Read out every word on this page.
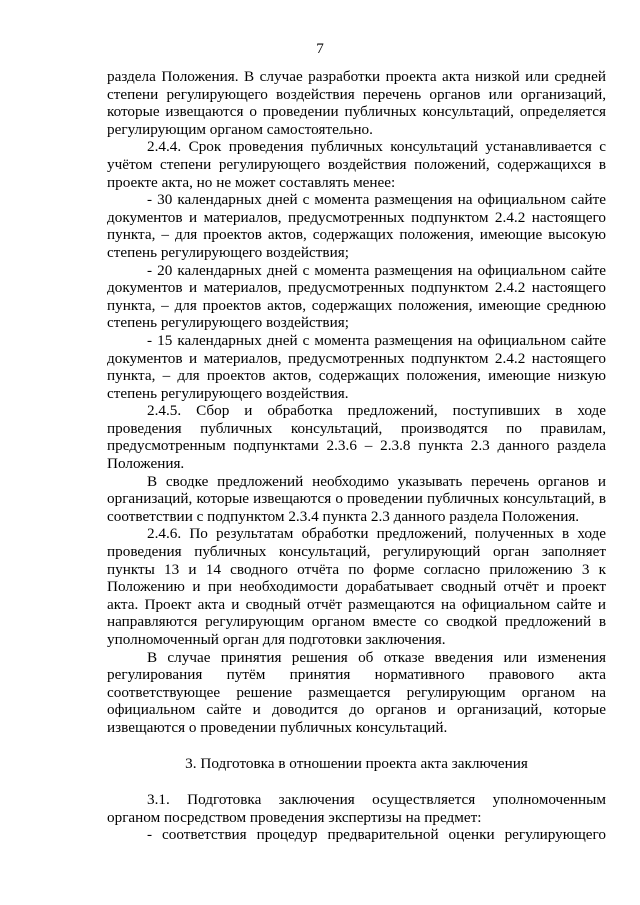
7

раздела Положения. В случае разработки проекта акта низкой или средней степени регулирующего воздействия перечень органов или организаций, которые извещаются о проведении публичных консультаций, определяется регулирующим органом самостоятельно.

2.4.4. Срок проведения публичных консультаций устанавливается с учётом степени регулирующего воздействия положений, содержащихся в проекте акта, но не может составлять менее:

- 30 календарных дней с момента размещения на официальном сайте документов и материалов, предусмотренных подпунктом 2.4.2 настоящего пункта, – для проектов актов, содержащих положения, имеющие высокую степень регулирующего воздействия;

- 20 календарных дней с момента размещения на официальном сайте документов и материалов, предусмотренных подпунктом 2.4.2 настоящего пункта, – для проектов актов, содержащих положения, имеющие среднюю степень регулирующего воздействия;

- 15 календарных дней с момента размещения на официальном сайте документов и материалов, предусмотренных подпунктом 2.4.2 настоящего пункта, – для проектов актов, содержащих положения, имеющие низкую степень регулирующего воздействия.

2.4.5. Сбор и обработка предложений, поступивших в ходе проведения публичных консультаций, производятся по правилам, предусмотренным подпунктами 2.3.6 – 2.3.8 пункта 2.3 данного раздела Положения.

В сводке предложений необходимо указывать перечень органов и организаций, которые извещаются о проведении публичных консультаций, в соответствии с подпунктом 2.3.4 пункта 2.3 данного раздела Положения.

2.4.6. По результатам обработки предложений, полученных в ходе проведения публичных консультаций, регулирующий орган заполняет пункты 13 и 14 сводного отчёта по форме согласно приложению 3 к Положению и при необходимости дорабатывает сводный отчёт и проект акта. Проект акта и сводный отчёт размещаются на официальном сайте и направляются регулирующим органом вместе со сводкой предложений в уполномоченный орган для подготовки заключения.

В случае принятия решения об отказе введения или изменения регулирования путём принятия нормативного правового акта соответствующее решение размещается регулирующим органом на официальном сайте и доводится до органов и организаций, которые извещаются о проведении публичных консультаций.

3. Подготовка в отношении проекта акта заключения

3.1. Подготовка заключения осуществляется уполномоченным органом посредством проведения экспертизы на предмет:

- соответствия процедур предварительной оценки регулирующего
